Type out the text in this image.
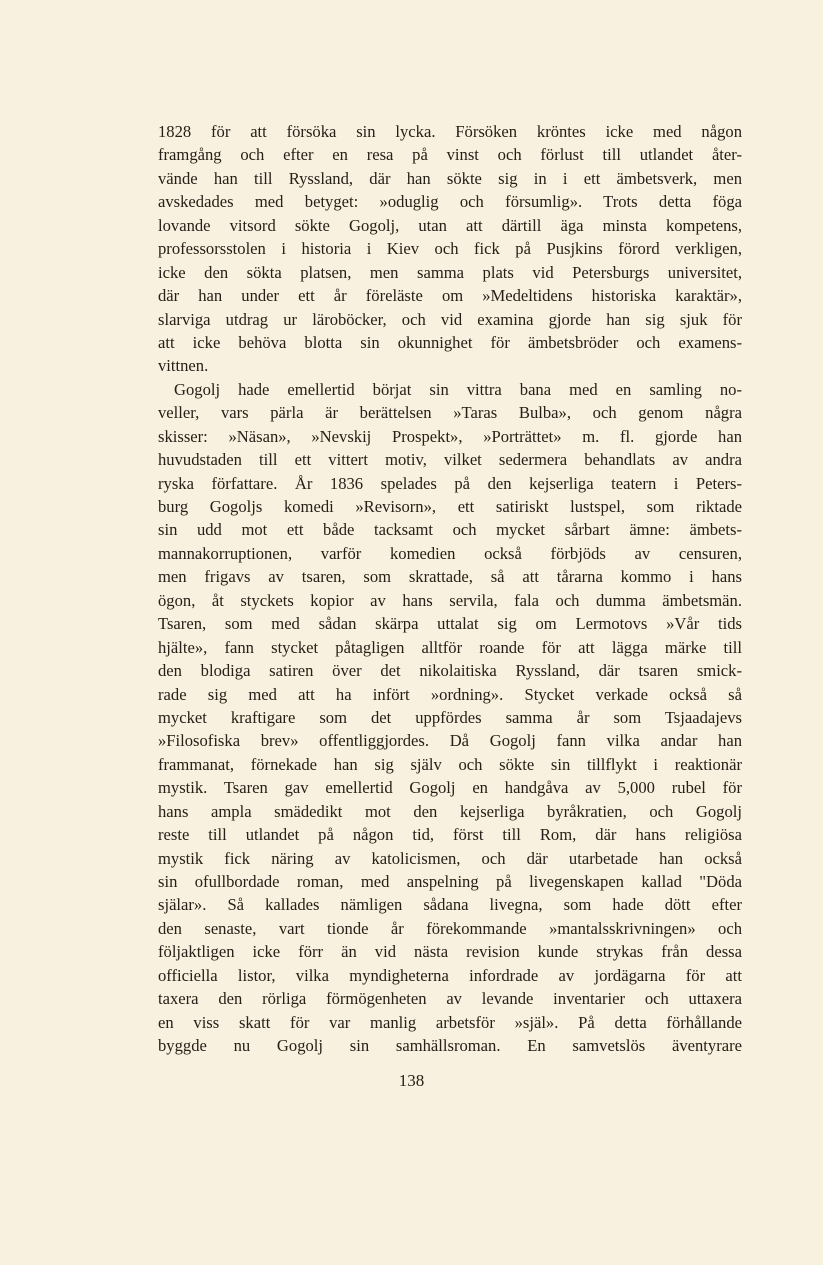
1828 för att försöka sin lycka. Försöken kröntes icke med någon
framgång och efter en resa på vinst och förlust till utlandet åter-
vände han till Ryssland, där han sökte sig in i ett ämbetsverk, men
avskedades med betyget: »oduglig och försumlig». Trots detta föga
lovande vitsord sökte Gogolj, utan att därtill äga minsta kompetens,
professorsstolen i historia i Kiev och fick på Pusjkins förord verkligen,
icke den sökta platsen, men samma plats vid Petersburgs universitet,
där han under ett år föreläste om »Medeltidens historiska karaktär»,
slarviga utdrag ur läroböcker, och vid examina gjorde han sig sjuk för
att icke behöva blotta sin okunnighet för ämbetsbröder och examens-
vittnen.
Gogolj hade emellertid börjat sin vittra bana med en samling no-
veller, vars pärla är berättelsen »Taras Bulba», och genom några
skisser: »Näsan», »Nevskij Prospekt», »Porträttet» m. fl. gjorde han
huvudstaden till ett vittert motiv, vilket sedermera behandlats av andra
ryska författare. År 1836 spelades på den kejserliga teatern i Peters-
burg Gogoljs komedi »Revisorn», ett satiriskt lustspel, som riktade
sin udd mot ett både tacksamt och mycket sårbart ämne: ämbets-
mannakorruptionen, varför komedien också förbjöds av censuren,
men frigavs av tsaren, som skrattade, så att tårarna kommo i hans
ögon, åt styckets kopior av hans servila, fala och dumma ämbetsmän.
Tsaren, som med sådan skärpa uttalat sig om Lermotovs »Vår tids
hjälte», fann stycket påtagligen alltför roande för att lägga märke till
den blodiga satiren över det nikolaitiska Ryssland, där tsaren smick-
rade sig med att ha infört »ordning». Stycket verkade också så
mycket kraftigare som det uppfördes samma år som Tsjaadajevs
»Filosofiska brev» offentliggjordes. Då Gogolj fann vilka andar han
frammanat, förnekade han sig själv och sökte sin tillflykt i reaktionär
mystik. Tsaren gav emellertid Gogolj en handgåva av 5,000 rubel för
hans ampla smädedikt mot den kejserliga byråkratien, och Gogolj
reste till utlandet på någon tid, först till Rom, där hans religiösa
mystik fick näring av katolicismen, och där utarbetade han också
sin ofullbordade roman, med anspelning på livegenskapen kallad "Döda
själar». Så kallades nämligen sådana livegna, som hade dött efter
den senaste, vart tionde år förekommande »mantalsskrivningen» och
följaktligen icke förr än vid nästa revision kunde strykas från dessa
officiella listor, vilka myndigheterna infordrade av jordägarna för att
taxera den rörliga förmögenheten av levande inventarier och uttaxera
en viss skatt för var manlig arbetsför »själ». På detta förhållande
byggde nu Gogolj sin samhällsroman. En samvetslös äventyrare
138
